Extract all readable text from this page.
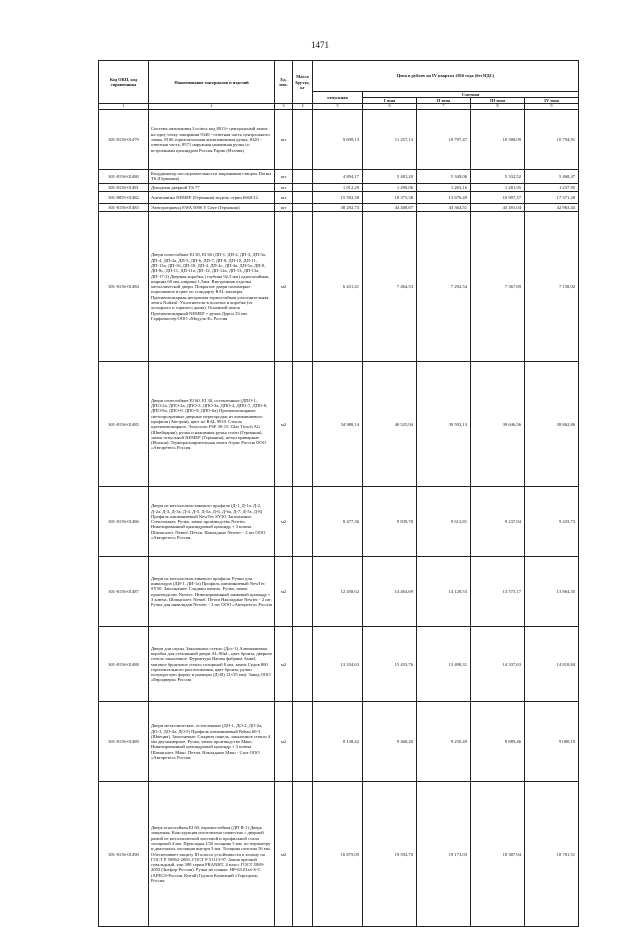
1471
Код ОКП, код справочника	Наименование материалов и изделий	Ед. изм.	Масса брутто, кг	Цена в рублях на IV квартал 2016 года (без НДС)				
				отпускная	Сметная			
					I зона	II зона	III зона	IV зона
1	2	3	4	5	6	7	8	9
301-8156-01479	Система антипаника Locinox код 8013+ центральный замок на одну точку запирания 9346 - ответная часть центрального замка, 8106 горизонтальная антипаниковая ручка, 8320 - ответная часть, 8571 наружная нажимная ручка со встроенным цилиндром Россия Fapim (Италия)	шт		9 699,13	11 257,13	10 797,47	10 588,09	10 794,91
301-8156-01480	Координатор последовательности закрывания створок Dorma TS (Германия)	шт		4 894,17	5 481,20	5 349,06	5 332,52	5 468,47
301-8156-01481	Доводчик дверной TS 77	шт		1 012,29	1 290,06	1 263,16	1 281,95	1 237,95
301-8855-01482	Антипаника NEMEF (Германия) модель серии 6660/12	шт		15 592,30	18 375,38	13 676,49	16 907,37	17 371,28
301-8156-01483	Электропривод EWA 5000 Y Geze (Германия)	шт		38 292,73	44 408,87	43 364,51	43 491,04	42 963,43
301-8156-01484	Двери огнестойкие EI 30, EI 60 (ДП-1, ДП-2, ДП-3, ДП-3а, ДП-4, ДП-4а, ДП-5, ДП-6, ДП-7, ДП-8, ДП-10, ДП-11, ДП-13а, ДП-16, ДП-18, ДП-4, ДП-4с, ДП-4а, ДП-5а, ДП-8, ДП-8с, ДП-11, ДП-11а, ДП-12, ДП-12а, ДП-13, ДП-13а, ДП-17-2) Дверная коробка, (глубина 92,5 мм) однопотайная, ширина 60 мм, ширина 1,5мм. Внутренняя отделка металлической двери. Покрытие двери полимерно-порошковое в цвет по стандарту RAL палитры. Противопожарная негорючая термостойкая уплотнительная лента Nultasil. Уплотнители в полотне и коробке (от холодного и горячего дыма). Основной замок Противопожарный NEMEF + ручка Дорол 33 мм. Гарфомастер ООО «Модуль-Е» Россия	м2		6 431,41	7 464,53	7 292,54	7 367,69	7 158,02
301-8156-01485	Двери огнестойкие EI 60, EI 30, остекленные (ДПО-1, ДПО-2а, ДПО-2а, ДПО-3, ДПО-3а, ДПО-4, ДПО-7, ДПО-8, ДПО-8а, ДПО-9, ДПО-9, ДПО-6а) Противопожарные светопрозрачные дверные перегородки из алюминиевого профиля (Австрия), цвет по RAL 9010. Стекло противопожарное, Эльзоглас FSF 30-15. Glas Trösch AG (Швейцария), ручка и нажимная ручка стали (Германия), замок отпускной NEMEF (Германия), петли приварные (Италия). Терморасширительная лента Агрис Россия ООО «Авторетел» Россия	м2		34 988,14	40 525,94	39 592,13	39 646,56	38 862,86
301-8156-01486	Двери из металлопластикового профиля (Д-1, Д-1а, Д-2, Д-2а, Д-3, Д-3а, Д-4, Д-5, Д-5а, Д-6, Д-6а, Д-7, Д-7а, Д-8) Профиль алюминиевый NewTec SY50. Заполнение: Стеклопакет, Ручка, замок производство Newtec. Никелированный цилиндровый цилиндр + 3 ключа. Шпингалет. Nemef. Петли. Накладные Newtec - 2 шт ООО «Авторетел» Россия	м2		8 477,36	9 839,78	9 612,81	9 237,94	9 433,73
301-8156-01487	Двери из металлопластикового профиля. Ручки для инвалидов (ДИ-1, ДИ-1а) Профиль алюминиевый NewTec SY50. Заполнение: Сэндвич панель. Ручка, замок производство Newtec. Никелированный замковый цилиндр + 3 ключа. Шпингалет. Nemef. Петли Накладные Newtec - 2 шт. Ручка для инвалидов Newtec - 2 шт ООО «Авторетел» Россия	м2		12 458,62	14 464,69	14 128,53	13 575,17	13 864,35
301-8156-01488	Двери для сауны. Закаленное стекло (Дос-1) Алюминиевая коробка для стеклянной двери AL-80кL, цвет бронза, дверное стекло закаленное. Фурнитура Hatana фабрика Амвеl, матовое бронзовое стекло толщиной 8 мм, замок Седов 800 горизонтального расположения, цвет бронза, ручки полукруглую форму и размеры (Д×В) 13×55 мм). Завод ООО «Евродвери» Россия	м2		13 334,63	15 453,76	13 498,31	14 337,63	14 818,84
301-8156-01489	Двери металлические, остекленные (ДО-1, ДО-2, ДО-2а, ДО-3, ДО-4а, ДО-5) Профиль алюминиевый Rehau 60-3 (Швеция). Заполнение: Сэндвич панель, закаленное стекло 4 мм двухкамерное. Ручка, замок производство Мако. Никелированный цилиндровый цилиндр + 3 ключа. Шпингалет. Мако. Петли. Накладные Мако - 2 шт ООО «Авторетел» Россия	м2		8 138,42	9 468,20	9 250,49	8 889,46	9 080,19
301-8156-01490	Дверь огнестойкая EI 60, взрывостойкая (ДП В-1) Дверь защитная. Конструкция изготовлена совместно с дверной рамой из металлической листовой и профильной стали толщиной 4 мм. Прокладка L50 толщина 5 мм, по периметру и диагонали, изоляция внутри 3 мм. Толщина полотна 56 мм. Обеспечивает защиту III класса устойчивости к взлому по ГОСТ Р 50862-2005, ГОСТ Р 51113-97. Замок врезной сувальдный, тип 388 серии FRANHT, 4 класс ГОСТ 5089-2003 (Зигфор-Россия). Ручка на планке. НР-63.01aх-S-С (АРЕСS-Россия, Китай) Группа Компаний «Торгпром» Россия	м2		16 875,05	19 592,70	19 173,03	18 387,94	18 781,51
